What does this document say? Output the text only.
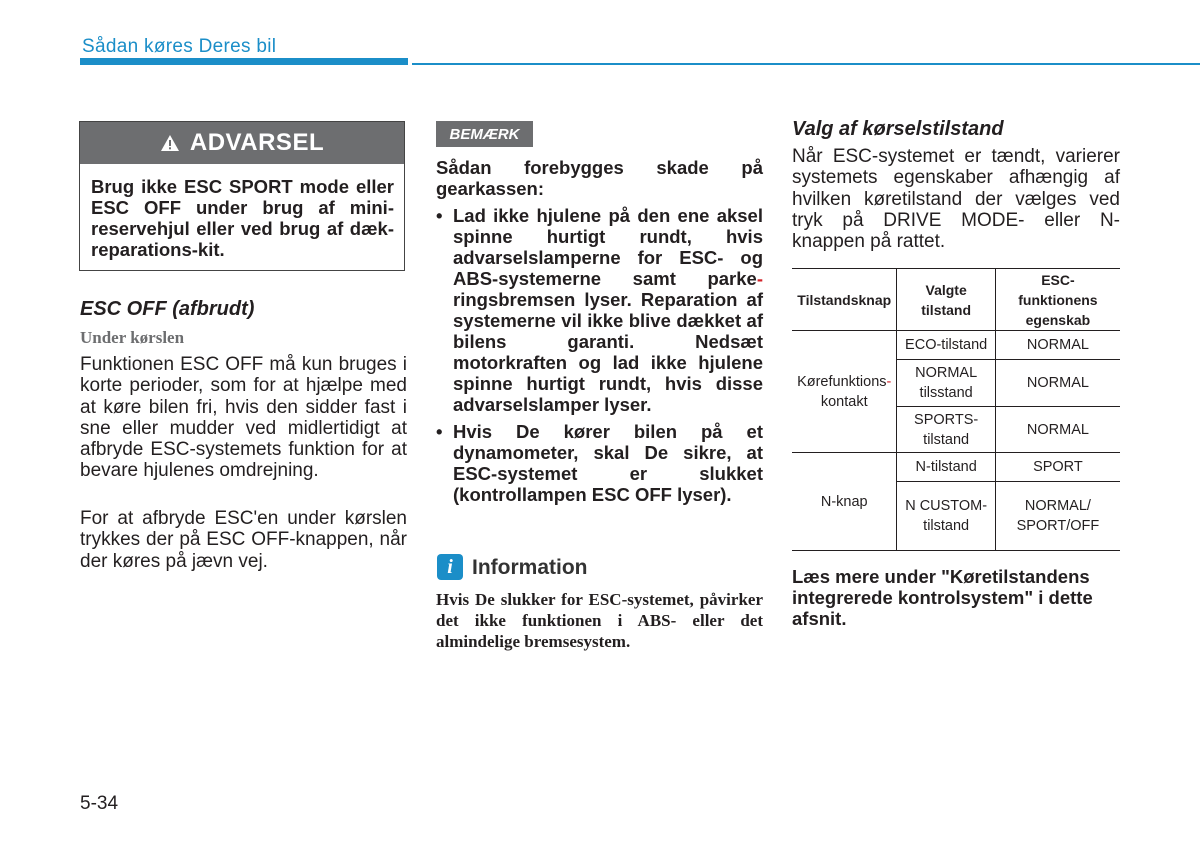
Sådan køres Deres bil
ADVARSEL
Brug ikke ESC SPORT mode eller ESC OFF under brug af mini-reservehjul eller ved brug af dæk-reparations-kit.
ESC OFF (afbrudt)
Under kørslen
Funktionen ESC OFF må kun bruges i korte perioder, som for at hjælpe med at køre bilen fri, hvis den sidder fast i sne eller mudder ved midlertidigt at afbryde ESC-systemets funktion for at bevare hjulenes omdrejning.
For at afbryde ESC'en under kørslen trykkes der på ESC OFF-knappen, når der køres på jævn vej.
BEMÆRK
Sådan forebygges skade på gearkassen:
• Lad ikke hjulene på den ene aksel spinne hurtigt rundt, hvis advarselslamperne for ESC- og ABS-systemerne samt parke- ringsbremsen lyser. Reparation af systemerne vil ikke blive dækket af bilens garanti. Nedsæt motorkraften og lad ikke hjulene spinne hurtigt rundt, hvis disse advarselslamper lyser.
• Hvis De kører bilen på et dynamometer, skal De sikre, at ESC-systemet er slukket (kontrollampen ESC OFF lyser).
i Information
Hvis De slukker for ESC-systemet, påvirker det ikke funktionen i ABS- eller det almindelige bremsesystem.
Valg af kørselstilstand
Når ESC-systemet er tændt, varierer systemets egenskaber afhængig af hvilken køretilstand der vælges ved tryk på DRIVE MODE- eller N-knappen på rattet.
Tilstandsknap	Valgte tilstand	ESC-funktionens egenskab
Kørefunktions-
kontakt	ECO-tilstand	NORMAL
	NORMAL tilsstand	NORMAL
	SPORTS-tilstand	NORMAL
N-knap	N-tilstand	SPORT
	N CUSTOM-tilstand	NORMAL/ SPORT/OFF
Læs mere under "Køretilstandens integrerede kontrolsystem" i dette afsnit.
5-34
